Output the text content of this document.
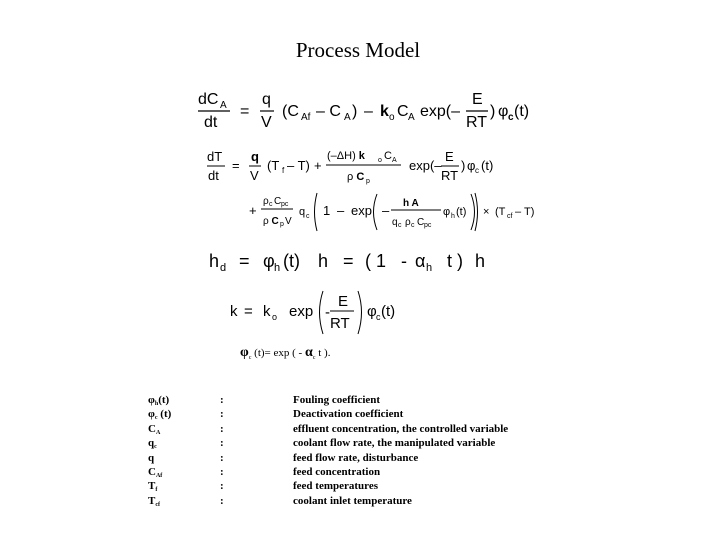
Process Model
dC A
dt
=
q
V
(C Af – C A ) – k o C A exp(–
E
RT
) φ c (t)
dT
dt
=
q
V
(T f – T) +
(–ΔH) k o C A
ρ C p
exp(–
E
RT
) φ c (t)
+
ρ c C pc
ρ C p V
q c 1 – exp – h A
q c ρ c C pc
φ h (t) × (T cf – T)
h d = φ h (t) h = ( 1 - α h t ) h
k = k o exp -
E
RT
φ c (t)
$\varphi_c$ (t)= exp ( - $\alpha_c$ t ).
$\varphi_h(t)$	:	Fouling coefficient
$\varphi_c$ (t)	:	Deactivation coefficient
$C_A$	:	effluent concentration, the controlled variable
$q_c$	:	coolant flow rate, the manipulated variable
q	:	feed flow rate, disturbance
$C_{Af}$	:	feed concentration
$T_f$	:	feed temperatures
$T_{cf}$	:	coolant inlet temperature
